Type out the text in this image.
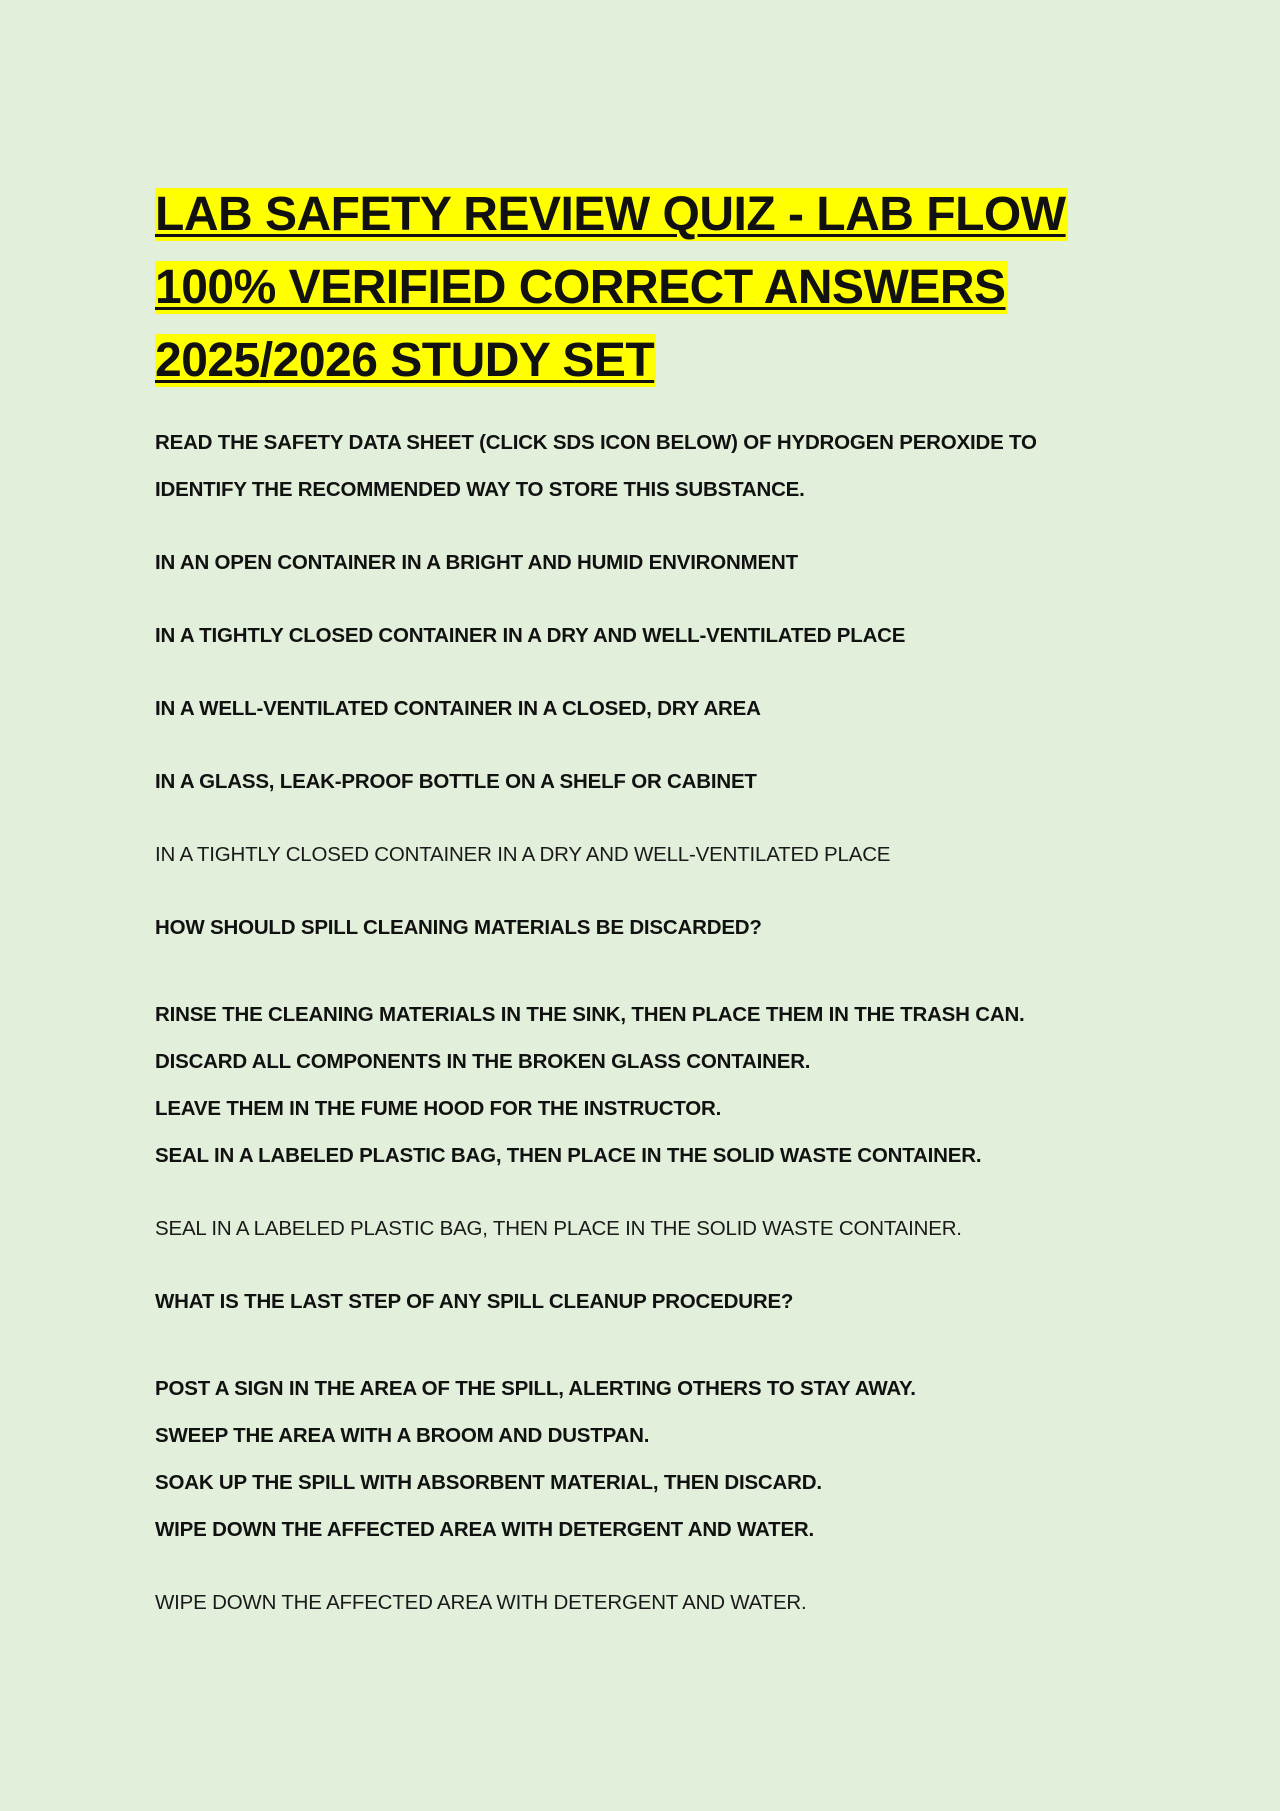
LAB SAFETY REVIEW QUIZ - LAB FLOW
100% VERIFIED CORRECT ANSWERS
2025/2026 STUDY SET

READ THE SAFETY DATA SHEET (CLICK SDS ICON BELOW) OF HYDROGEN PEROXIDE TO
IDENTIFY THE RECOMMENDED WAY TO STORE THIS SUBSTANCE.

IN AN OPEN CONTAINER IN A BRIGHT AND HUMID ENVIRONMENT

IN A TIGHTLY CLOSED CONTAINER IN A DRY AND WELL-VENTILATED PLACE

IN A WELL-VENTILATED CONTAINER IN A CLOSED, DRY AREA

IN A GLASS, LEAK-PROOF BOTTLE ON A SHELF OR CABINET

IN A TIGHTLY CLOSED CONTAINER IN A DRY AND WELL-VENTILATED PLACE

HOW SHOULD SPILL CLEANING MATERIALS BE DISCARDED?

RINSE THE CLEANING MATERIALS IN THE SINK, THEN PLACE THEM IN THE TRASH CAN.

DISCARD ALL COMPONENTS IN THE BROKEN GLASS CONTAINER.

LEAVE THEM IN THE FUME HOOD FOR THE INSTRUCTOR.

SEAL IN A LABELED PLASTIC BAG, THEN PLACE IN THE SOLID WASTE CONTAINER.

SEAL IN A LABELED PLASTIC BAG, THEN PLACE IN THE SOLID WASTE CONTAINER.

WHAT IS THE LAST STEP OF ANY SPILL CLEANUP PROCEDURE?

POST A SIGN IN THE AREA OF THE SPILL, ALERTING OTHERS TO STAY AWAY.

SWEEP THE AREA WITH A BROOM AND DUSTPAN.

SOAK UP THE SPILL WITH ABSORBENT MATERIAL, THEN DISCARD.

WIPE DOWN THE AFFECTED AREA WITH DETERGENT AND WATER.

WIPE DOWN THE AFFECTED AREA WITH DETERGENT AND WATER.
